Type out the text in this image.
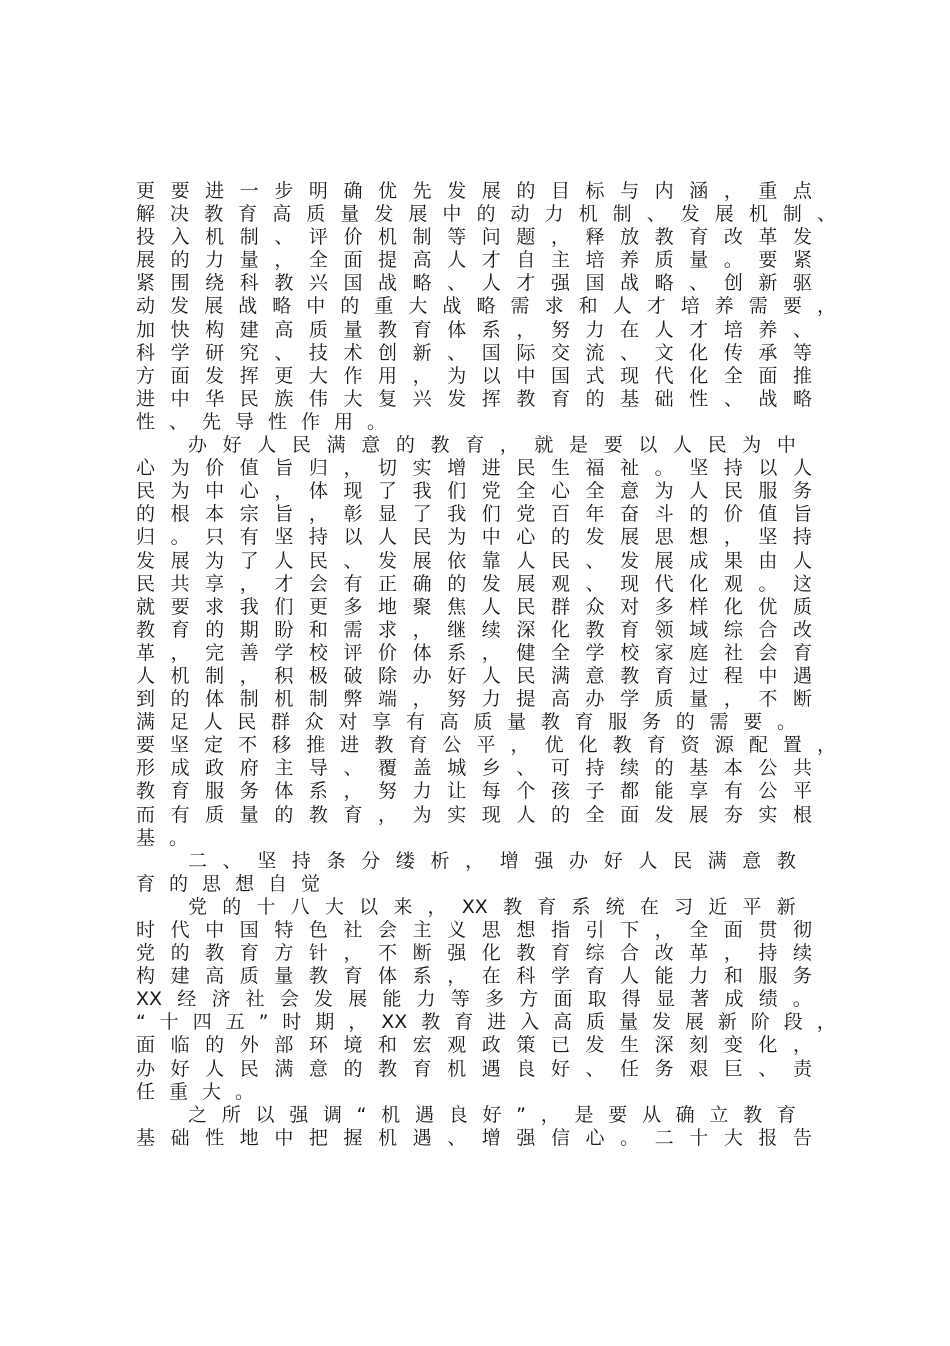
更 要 进 一 步 明 确 优 先 发 展 的 目 标 与 内 涵 ， 重 点
解 决 教 育 高 质 量 发 展 中 的 动 力 机 制 、 发 展 机 制 、
投 入 机 制 、 评 价 机 制 等 问 题 ， 释 放 教 育 改 革 发
展 的 力 量 ， 全 面 提 高 人 才 自 主 培 养 质 量 。 要 紧
紧 围 绕 科 教 兴 国 战 略 、 人 才 强 国 战 略 、 创 新 驱
动 发 展 战 略 中 的 重 大 战 略 需 求 和 人 才 培 养 需 要 ，
加 快 构 建 高 质 量 教 育 体 系 ， 努 力 在 人 才 培 养 、
科 学 研 究 、 技 术 创 新 、 国 际 交 流 、 文 化 传 承 等
方 面 发 挥 更 大 作 用 ， 为 以 中 国 式 现 代 化 全 面 推
进 中 华 民 族 伟 大 复 兴 发 挥 教 育 的 基 础 性 、 战 略
性、先导性作用。
办 好 人 民 满 意 的 教 育 ， 就 是 要 以 人 民 为 中
心 为 价 值 旨 归 ， 切 实 增 进 民 生 福 祉 。 坚 持 以 人
民 为 中 心 ， 体 现 了 我 们 党 全 心 全 意 为 人 民 服 务
的 根 本 宗 旨 ， 彰 显 了 我 们 党 百 年 奋 斗 的 价 值 旨
归 。 只 有 坚 持 以 人 民 为 中 心 的 发 展 思 想 ， 坚 持
发 展 为 了 人 民 、 发 展 依 靠 人 民 、 发 展 成 果 由 人
民 共 享 ， 才 会 有 正 确 的 发 展 观 、 现 代 化 观 。 这
就 要 求 我 们 更 多 地 聚 焦 人 民 群 众 对 多 样 化 优 质
教 育 的 期 盼 和 需 求 ， 继 续 深 化 教 育 领 域 综 合 改
革 ， 完 善 学 校 评 价 体 系 ， 健 全 学 校 家 庭 社 会 育
人 机 制 ， 积 极 破 除 办 好 人 民 满 意 教 育 过 程 中 遇
到 的 体 制 机 制 弊 端 ， 努 力 提 高 办 学 质 量 ， 不 断
满 足 人 民 群 众 对 享 有 高 质 量 教 育 服 务 的 需 要 。
要 坚 定 不 移 推 进 教 育 公 平 ， 优 化 教 育 资 源 配 置 ，
形 成 政 府 主 导 、 覆 盖 城 乡 、 可 持 续 的 基 本 公 共
教 育 服 务 体 系 ， 努 力 让 每 个 孩 子 都 能 享 有 公 平
而 有 质 量 的 教 育 ， 为 实 现 人 的 全 面 发 展 夯 实 根
基。
二 、 坚 持 条 分 缕 析 ， 增 强 办 好 人 民 满 意 教
育的思想自觉
党 的 十 八 大 以 来 ， XX 教 育 系 统 在 习 近 平 新
时 代 中 国 特 色 社 会 主 义 思 想 指 引 下 ， 全 面 贯 彻
党 的 教 育 方 针 ， 不 断 强 化 教 育 综 合 改 革 ， 持 续
构 建 高 质 量 教 育 体 系 ， 在 科 学 育 人 能 力 和 服 务
XX 经 济 社 会 发 展 能 力 等 多 方 面 取 得 显 著 成 绩 。
“ 十 四 五 ” 时 期 ， XX 教 育 进 入 高 质 量 发 展 新 阶 段 ，
面 临 的 外 部 环 境 和 宏 观 政 策 已 发 生 深 刻 变 化 ，
办 好 人 民 满 意 的 教 育 机 遇 良 好 、 任 务 艰 巨 、 责
任重大。
之 所 以 强 调 “ 机 遇 良 好 ” ， 是 要 从 确 立 教 育
基 础 性 地 中 把 握 机 遇 、 增 强 信 心 。 二 十 大 报 告
